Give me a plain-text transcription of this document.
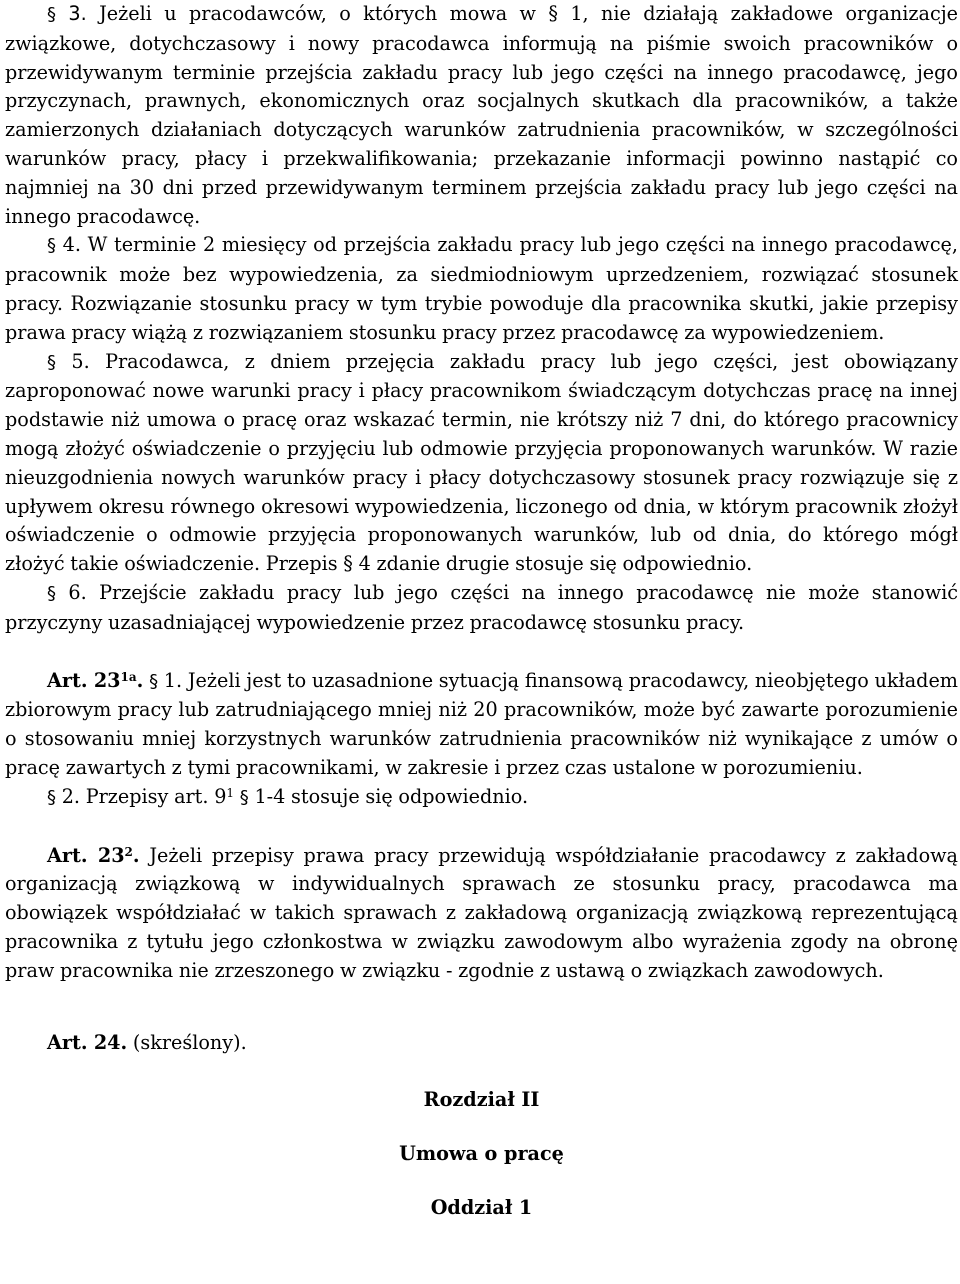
§ 3. Jeżeli u pracodawców, o których mowa w § 1, nie działają zakładowe organizacje związkowe, dotychczasowy i nowy pracodawca informują na piśmie swoich pracowników o przewidywanym terminie przejścia zakładu pracy lub jego części na innego pracodawcę, jego przyczynach, prawnych, ekonomicznych oraz socjalnych skutkach dla pracowników, a także zamierzonych działaniach dotyczących warunków zatrudnienia pracowników, w szczególności warunków pracy, płacy i przekwalifikowania; przekazanie informacji powinno nastąpić co najmniej na 30 dni przed przewidywanym terminem przejścia zakładu pracy lub jego części na innego pracodawcę.

§ 4. W terminie 2 miesięcy od przejścia zakładu pracy lub jego części na innego pracodawcę, pracownik może bez wypowiedzenia, za siedmiodniowym uprzedzeniem, rozwiązać stosunek pracy. Rozwiązanie stosunku pracy w tym trybie powoduje dla pracownika skutki, jakie przepisy prawa pracy wiążą z rozwiązaniem stosunku pracy przez pracodawcę za wypowiedzeniem.

§ 5. Pracodawca, z dniem przejęcia zakładu pracy lub jego części, jest obowiązany zaproponować nowe warunki pracy i płacy pracownikom świadczącym dotychczas pracę na innej podstawie niż umowa o pracę oraz wskazać termin, nie krótszy niż 7 dni, do którego pracownicy mogą złożyć oświadczenie o przyjęciu lub odmowie przyjęcia proponowanych warunków. W razie nieuzgodnienia nowych warunków pracy i płacy dotychczasowy stosunek pracy rozwiązuje się z upływem okresu równego okresowi wypowiedzenia, liczonego od dnia, w którym pracownik złożył oświadczenie o odmowie przyjęcia proponowanych warunków, lub od dnia, do którego mógł złożyć takie oświadczenie. Przepis § 4 zdanie drugie stosuje się odpowiednio.

§ 6. Przejście zakładu pracy lub jego części na innego pracodawcę nie może stanowić przyczyny uzasadniającej wypowiedzenie przez pracodawcę stosunku pracy.

Art. $23^{1a}$. § 1. Jeżeli jest to uzasadnione sytuacją finansową pracodawcy, nieobjętego układem zbiorowym pracy lub zatrudniającego mniej niż 20 pracowników, może być zawarte porozumienie o stosowaniu mniej korzystnych warunków zatrudnienia pracowników niż wynikające z umów o pracę zawartych z tymi pracownikami, w zakresie i przez czas ustalone w porozumieniu.

§ 2. Przepisy art. $9^1$ § 1-4 stosuje się odpowiednio.

Art. $23^2$. Jeżeli przepisy prawa pracy przewidują współdziałanie pracodawcy z zakładową organizacją związkową w indywidualnych sprawach ze stosunku pracy, pracodawca ma obowiązek współdziałać w takich sprawach z zakładową organizacją związkową reprezentującą pracownika z tytułu jego członkostwa w związku zawodowym albo wyrażenia zgody na obronę praw pracownika nie zrzeszonego w związku - zgodnie z ustawą o związkach zawodowych.

Art. 24. (skreślony).

Rozdział II

Umowa o pracę

Oddział 1
